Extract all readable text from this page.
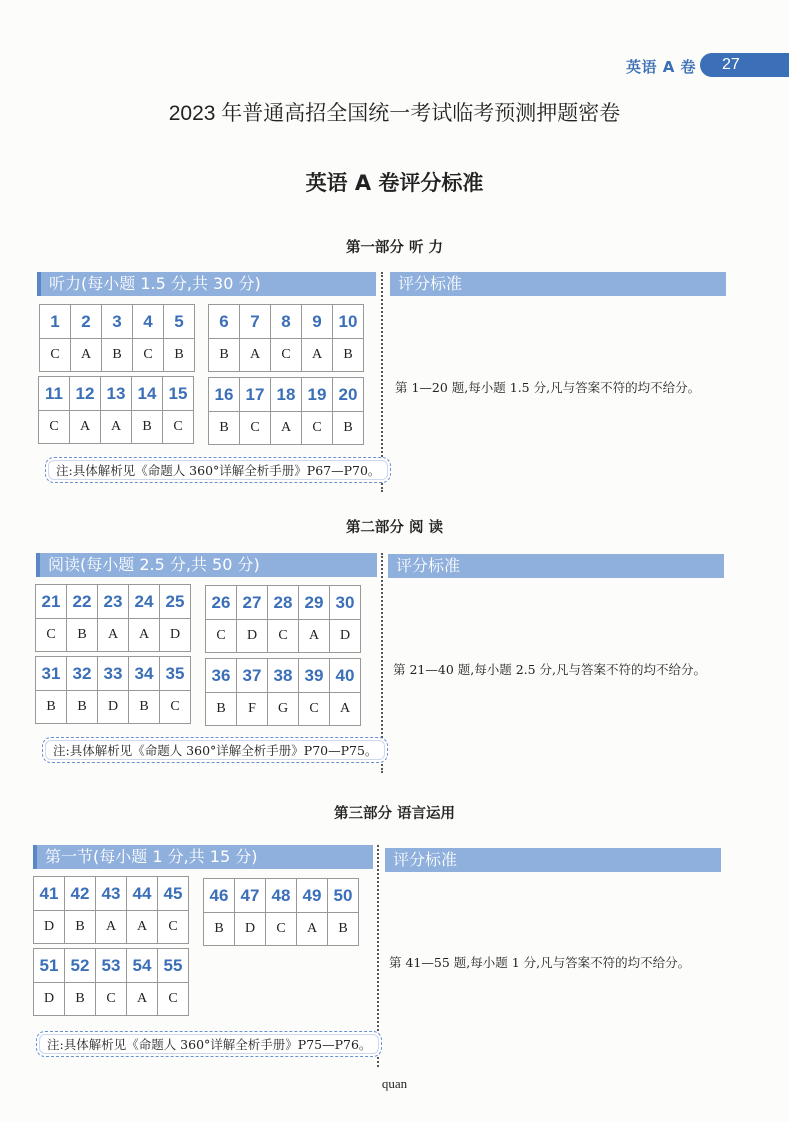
英语 A 卷	27
2023 年普通高招全国统一考试临考预测押题密卷
英语 A 卷评分标准
第一部分 听 力
听力(每小题 1.5 分,共 30 分)	评分标准
1	2	3	4	5
C	A	B	C	B
6	7	8	9	10
B	A	C	A	B
11	12	13	14	15
C	A	A	B	C
16	17	18	19	20
B	C	A	C	B
注:具体解析见《命题人 360°详解全析手册》P67—P70。
第 1—20 题,每小题 1.5 分,凡与答案不符的均不给分。
第二部分 阅 读
阅读(每小题 2.5 分,共 50 分)	评分标准
21	22	23	24	25
C	B	A	A	D
26	27	28	29	30
C	D	C	A	D
31	32	33	34	35
B	B	D	B	C
36	37	38	39	40
B	F	G	C	A
注:具体解析见《命题人 360°详解全析手册》P70—P75。
第 21—40 题,每小题 2.5 分,凡与答案不符的均不给分。
第三部分 语言运用
第一节(每小题 1 分,共 15 分)	评分标准
41	42	43	44	45
D	B	A	A	C
46	47	48	49	50
B	D	C	A	B
51	52	53	54	55
D	B	C	A	C
注:具体解析见《命题人 360°详解全析手册》P75—P76。
第 41—55 题,每小题 1 分,凡与答案不符的均不给分。
quan
